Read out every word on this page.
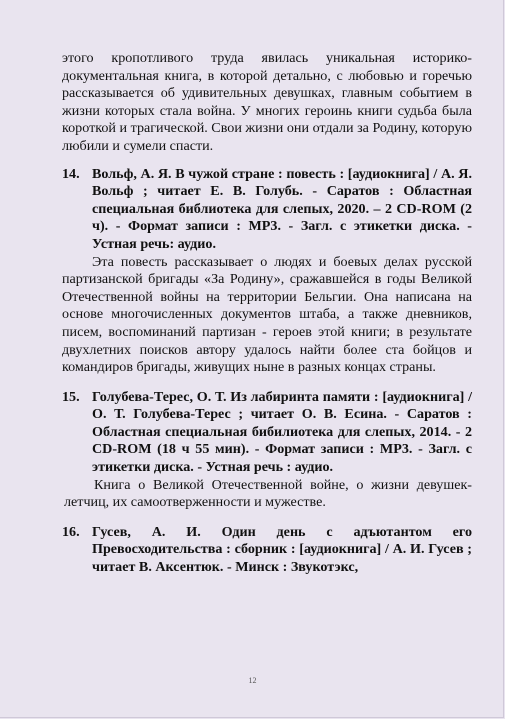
этого кропотливого труда явилась уникальная историко-документальная книга, в которой детально, с любовью и горечью рассказывается об удивительных девушках, главным событием в жизни которых стала война. У многих героинь книги судьба была короткой и трагической. Свои жизни они отдали за Родину, которую любили и сумели спасти.

14. Вольф, А. Я. В чужой стране : повесть : [аудиокнига] / А. Я. Вольф ; читает Е. В. Голубь. - Саратов : Областная специальная библиотека для слепых, 2020. – 2 CD-ROM (2 ч). - Формат записи : МР3. - Загл. с этикетки диска. - Устная речь: аудио.

Эта повесть рассказывает о людях и боевых делах русской партизанской бригады «За Родину», сражавшейся в годы Великой Отечественной войны на территории Бельгии. Она написана на основе многочисленных документов штаба, а также дневников, писем, воспоминаний партизан - героев этой книги; в результате двухлетних поисков автору удалось найти более ста бойцов и командиров бригады, живущих ныне в разных концах страны.

15. Голубева-Терес, О. Т. Из лабиринта памяти : [аудиокнига] / О. Т. Голубева-Терес ; читает О. В. Есина. - Саратов : Областная специальная бибилиотека для слепых, 2014. - 2 CD-ROM (18 ч 55 мин). - Формат записи : МР3. - Загл. с этикетки диска. - Устная речь : аудио.

Книга о Великой Отечественной войне, о жизни девушек-летчиц, их самоотверженности и мужестве.

16. Гусев, А. И. Один день с адъютантом его Превосходительства : сборник : [аудиокнига] / А. И. Гусев ; читает В. Аксентюк. - Минск : Звукотэкс,

12
